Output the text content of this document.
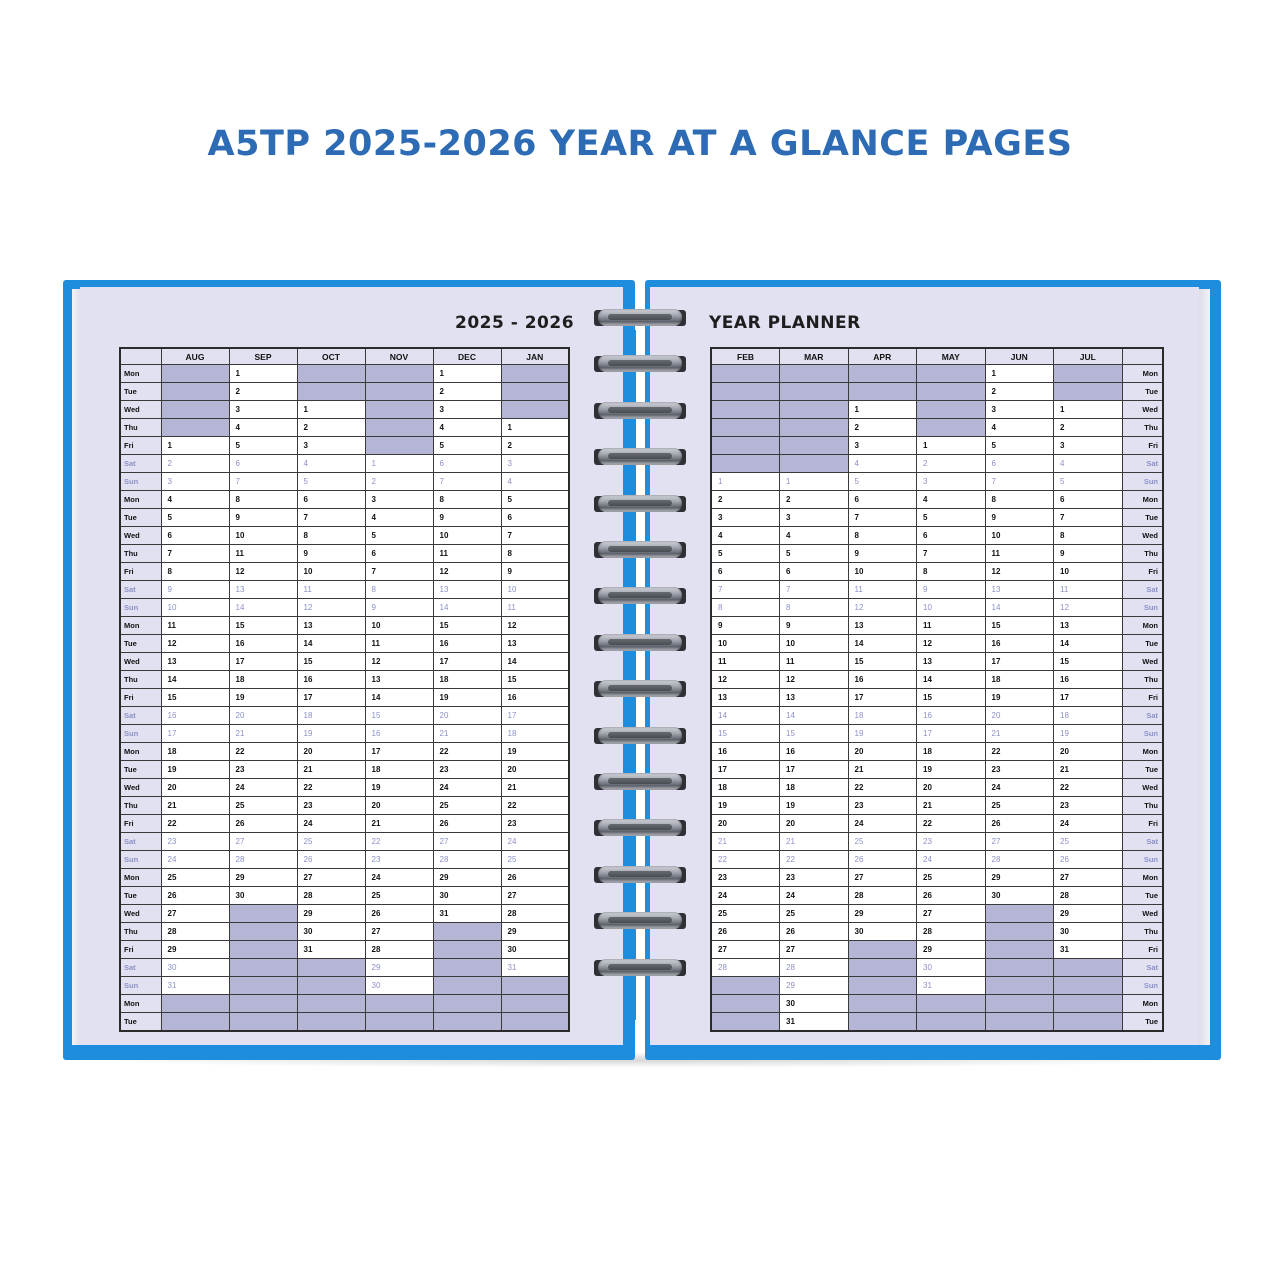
A5TP 2025-2026 YEAR AT A GLANCE PAGES
2025 - 2026	YEAR PLANNER
	AUG	SEP	OCT	NOV	DEC	JAN
Mon		1			1	
Tue		2			2	
Wed		3	1		3	
Thu		4	2		4	1
Fri	1	5	3		5	2
Sat	2	6	4	1	6	3
Sun	3	7	5	2	7	4
Mon	4	8	6	3	8	5
Tue	5	9	7	4	9	6
Wed	6	10	8	5	10	7
Thu	7	11	9	6	11	8
Fri	8	12	10	7	12	9
Sat	9	13	11	8	13	10
Sun	10	14	12	9	14	11
Mon	11	15	13	10	15	12
Tue	12	16	14	11	16	13
Wed	13	17	15	12	17	14
Thu	14	18	16	13	18	15
Fri	15	19	17	14	19	16
Sat	16	20	18	15	20	17
Sun	17	21	19	16	21	18
Mon	18	22	20	17	22	19
Tue	19	23	21	18	23	20
Wed	20	24	22	19	24	21
Thu	21	25	23	20	25	22
Fri	22	26	24	21	26	23
Sat	23	27	25	22	27	24
Sun	24	28	26	23	28	25
Mon	25	29	27	24	29	26
Tue	26	30	28	25	30	27
Wed	27		29	26	31	28
Thu	28		30	27		29
Fri	29		31	28		30
Sat	30			29		31
Sun	31			30		
Mon						
Tue						
FEB	MAR	APR	MAY	JUN	JUL	
				1		Mon
				2		Tue
		1		3	1	Wed
		2		4	2	Thu
		3	1	5	3	Fri
		4	2	6	4	Sat
1	1	5	3	7	5	Sun
2	2	6	4	8	6	Mon
3	3	7	5	9	7	Tue
4	4	8	6	10	8	Wed
5	5	9	7	11	9	Thu
6	6	10	8	12	10	Fri
7	7	11	9	13	11	Sat
8	8	12	10	14	12	Sun
9	9	13	11	15	13	Mon
10	10	14	12	16	14	Tue
11	11	15	13	17	15	Wed
12	12	16	14	18	16	Thu
13	13	17	15	19	17	Fri
14	14	18	16	20	18	Sat
15	15	19	17	21	19	Sun
16	16	20	18	22	20	Mon
17	17	21	19	23	21	Tue
18	18	22	20	24	22	Wed
19	19	23	21	25	23	Thu
20	20	24	22	26	24	Fri
21	21	25	23	27	25	Sat
22	22	26	24	28	26	Sun
23	23	27	25	29	27	Mon
24	24	28	26	30	28	Tue
25	25	29	27		29	Wed
26	26	30	28		30	Thu
27	27		29		31	Fri
28	28		30			Sat
	29		31			Sun
	30					Mon
	31					Tue
